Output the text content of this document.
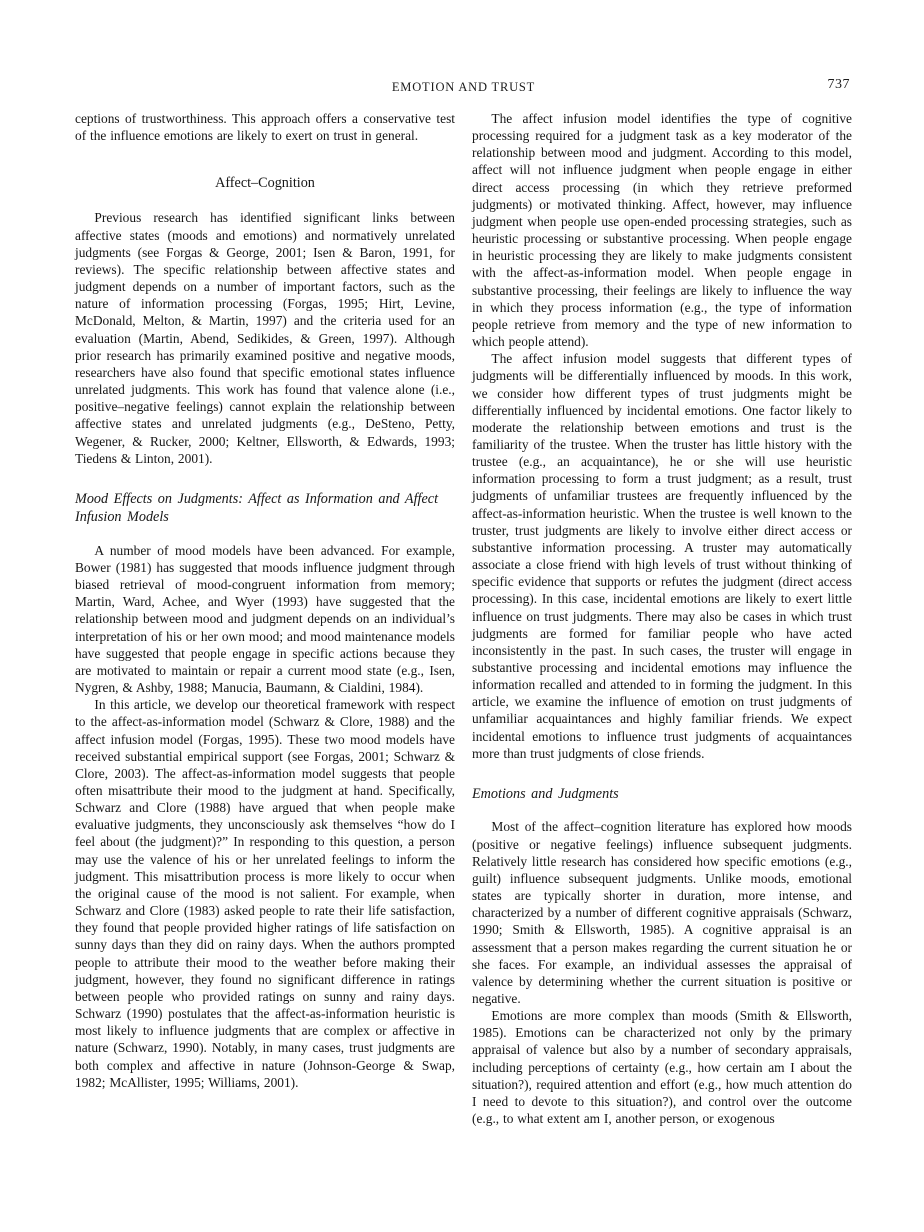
EMOTION AND TRUST	737

ceptions of trustworthiness. This approach offers a conservative test of the influence emotions are likely to exert on trust in general.

Affect–Cognition

Previous research has identified significant links between affective states (moods and emotions) and normatively unrelated judgments (see Forgas & George, 2001; Isen & Baron, 1991, for reviews). The specific relationship between affective states and judgment depends on a number of important factors, such as the nature of information processing (Forgas, 1995; Hirt, Levine, McDonald, Melton, & Martin, 1997) and the criteria used for an evaluation (Martin, Abend, Sedikides, & Green, 1997). Although prior research has primarily examined positive and negative moods, researchers have also found that specific emotional states influence unrelated judgments. This work has found that valence alone (i.e., positive–negative feelings) cannot explain the relationship between affective states and unrelated judgments (e.g., DeSteno, Petty, Wegener, & Rucker, 2000; Keltner, Ellsworth, & Edwards, 1993; Tiedens & Linton, 2001).

Mood Effects on Judgments: Affect as Information and Affect Infusion Models

A number of mood models have been advanced. For example, Bower (1981) has suggested that moods influence judgment through biased retrieval of mood-congruent information from memory; Martin, Ward, Achee, and Wyer (1993) have suggested that the relationship between mood and judgment depends on an individual’s interpretation of his or her own mood; and mood maintenance models have suggested that people engage in specific actions because they are motivated to maintain or repair a current mood state (e.g., Isen, Nygren, & Ashby, 1988; Manucia, Baumann, & Cialdini, 1984).

In this article, we develop our theoretical framework with respect to the affect-as-information model (Schwarz & Clore, 1988) and the affect infusion model (Forgas, 1995). These two mood models have received substantial empirical support (see Forgas, 2001; Schwarz & Clore, 2003). The affect-as-information model suggests that people often misattribute their mood to the judgment at hand. Specifically, Schwarz and Clore (1988) have argued that when people make evaluative judgments, they unconsciously ask themselves “how do I feel about (the judgment)?” In responding to this question, a person may use the valence of his or her unrelated feelings to inform the judgment. This misattribution process is more likely to occur when the original cause of the mood is not salient. For example, when Schwarz and Clore (1983) asked people to rate their life satisfaction, they found that people provided higher ratings of life satisfaction on sunny days than they did on rainy days. When the authors prompted people to attribute their mood to the weather before making their judgment, however, they found no significant difference in ratings between people who provided ratings on sunny and rainy days. Schwarz (1990) postulates that the affect-as-information heuristic is most likely to influence judgments that are complex or affective in nature (Schwarz, 1990). Notably, in many cases, trust judgments are both complex and affective in nature (Johnson-George & Swap, 1982; McAllister, 1995; Williams, 2001).

The affect infusion model identifies the type of cognitive processing required for a judgment task as a key moderator of the relationship between mood and judgment. According to this model, affect will not influence judgment when people engage in either direct access processing (in which they retrieve preformed judgments) or motivated thinking. Affect, however, may influence judgment when people use open-ended processing strategies, such as heuristic processing or substantive processing. When people engage in heuristic processing they are likely to make judgments consistent with the affect-as-information model. When people engage in substantive processing, their feelings are likely to influence the way in which they process information (e.g., the type of information people retrieve from memory and the type of new information to which people attend).

The affect infusion model suggests that different types of judgments will be differentially influenced by moods. In this work, we consider how different types of trust judgments might be differentially influenced by incidental emotions. One factor likely to moderate the relationship between emotions and trust is the familiarity of the trustee. When the truster has little history with the trustee (e.g., an acquaintance), he or she will use heuristic information processing to form a trust judgment; as a result, trust judgments of unfamiliar trustees are frequently influenced by the affect-as-information heuristic. When the trustee is well known to the truster, trust judgments are likely to involve either direct access or substantive information processing. A truster may automatically associate a close friend with high levels of trust without thinking of specific evidence that supports or refutes the judgment (direct access processing). In this case, incidental emotions are likely to exert little influence on trust judgments. There may also be cases in which trust judgments are formed for familiar people who have acted inconsistently in the past. In such cases, the truster will engage in substantive processing and incidental emotions may influence the information recalled and attended to in forming the judgment. In this article, we examine the influence of emotion on trust judgments of unfamiliar acquaintances and highly familiar friends. We expect incidental emotions to influence trust judgments of acquaintances more than trust judgments of close friends.

Emotions and Judgments

Most of the affect–cognition literature has explored how moods (positive or negative feelings) influence subsequent judgments. Relatively little research has considered how specific emotions (e.g., guilt) influence subsequent judgments. Unlike moods, emotional states are typically shorter in duration, more intense, and characterized by a number of different cognitive appraisals (Schwarz, 1990; Smith & Ellsworth, 1985). A cognitive appraisal is an assessment that a person makes regarding the current situation he or she faces. For example, an individual assesses the appraisal of valence by determining whether the current situation is positive or negative.

Emotions are more complex than moods (Smith & Ellsworth, 1985). Emotions can be characterized not only by the primary appraisal of valence but also by a number of secondary appraisals, including perceptions of certainty (e.g., how certain am I about the situation?), required attention and effort (e.g., how much attention do I need to devote to this situation?), and control over the outcome (e.g., to what extent am I, another person, or exogenous
